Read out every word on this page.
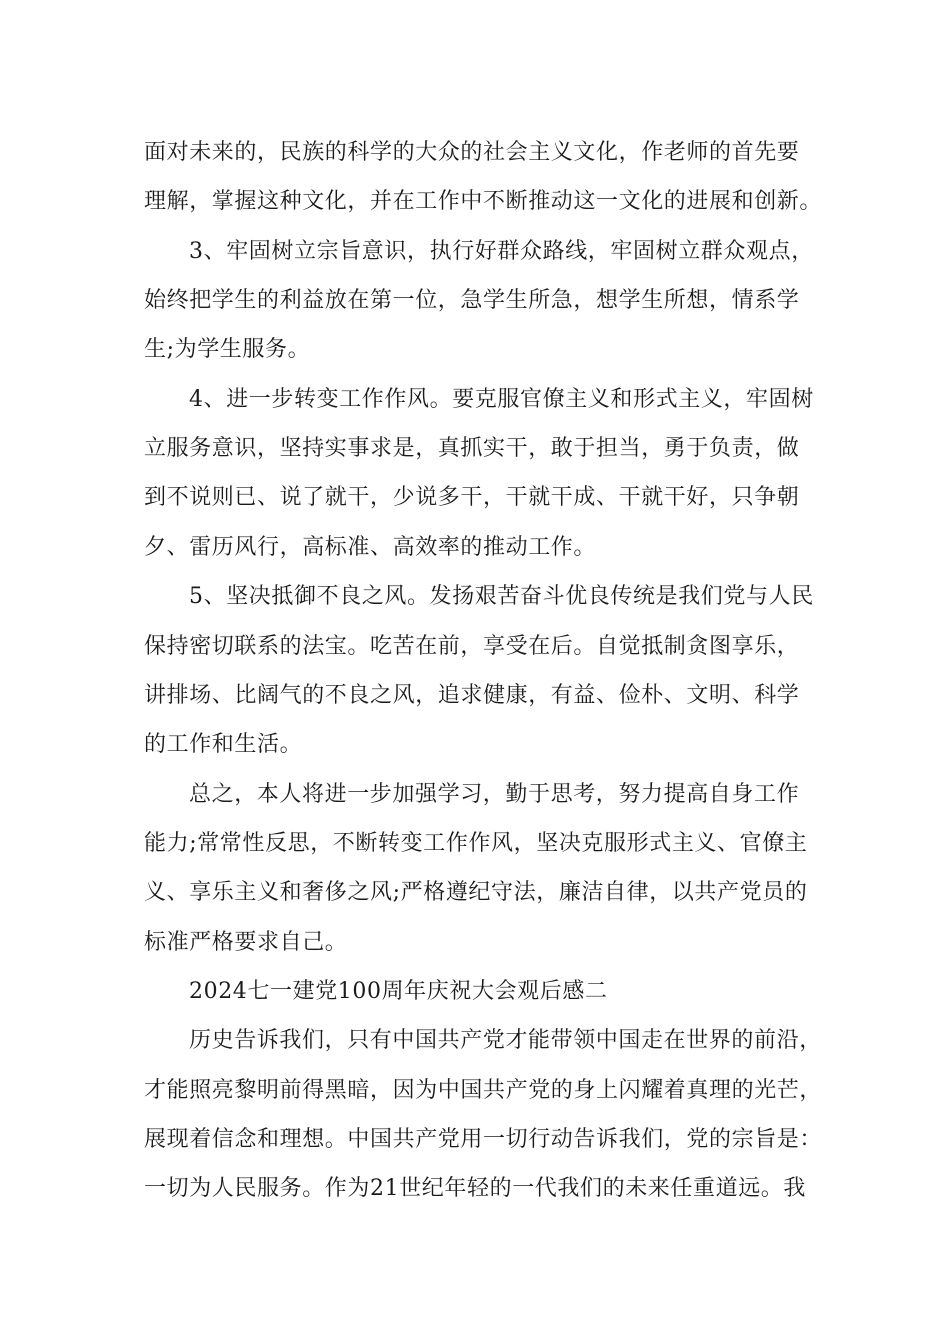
面对未来的，民族的科学的大众的社会主义文化，作老师的首先要
理解，掌握这种文化，并在工作中不断推动这一文化的进展和创新。
3、牢固树立宗旨意识，执行好群众路线，牢固树立群众观点，
始终把学生的利益放在第一位，急学生所急，想学生所想，情系学
生;为学生服务。
4、进一步转变工作作风。要克服官僚主义和形式主义，牢固树
立服务意识，坚持实事求是，真抓实干，敢于担当，勇于负责，做
到不说则已、说了就干，少说多干，干就干成、干就干好，只争朝
夕、雷历风行，高标准、高效率的推动工作。
5、坚决抵御不良之风。发扬艰苦奋斗优良传统是我们党与人民
保持密切联系的法宝。吃苦在前，享受在后。自觉抵制贪图享乐，
讲排场、比阔气的不良之风，追求健康，有益、俭朴、文明、科学
的工作和生活。
总之，本人将进一步加强学习，勤于思考，努力提高自身工作
能力;常常性反思，不断转变工作作风，坚决克服形式主义、官僚主
义、享乐主义和奢侈之风;严格遵纪守法，廉洁自律，以共产党员的
标准严格要求自己。
2024七一建党100周年庆祝大会观后感二
历史告诉我们，只有中国共产党才能带领中国走在世界的前沿，
才能照亮黎明前得黑暗，因为中国共产党的身上闪耀着真理的光芒，
展现着信念和理想。中国共产党用一切行动告诉我们，党的宗旨是：
一切为人民服务。作为21世纪年轻的一代我们的未来任重道远。我
